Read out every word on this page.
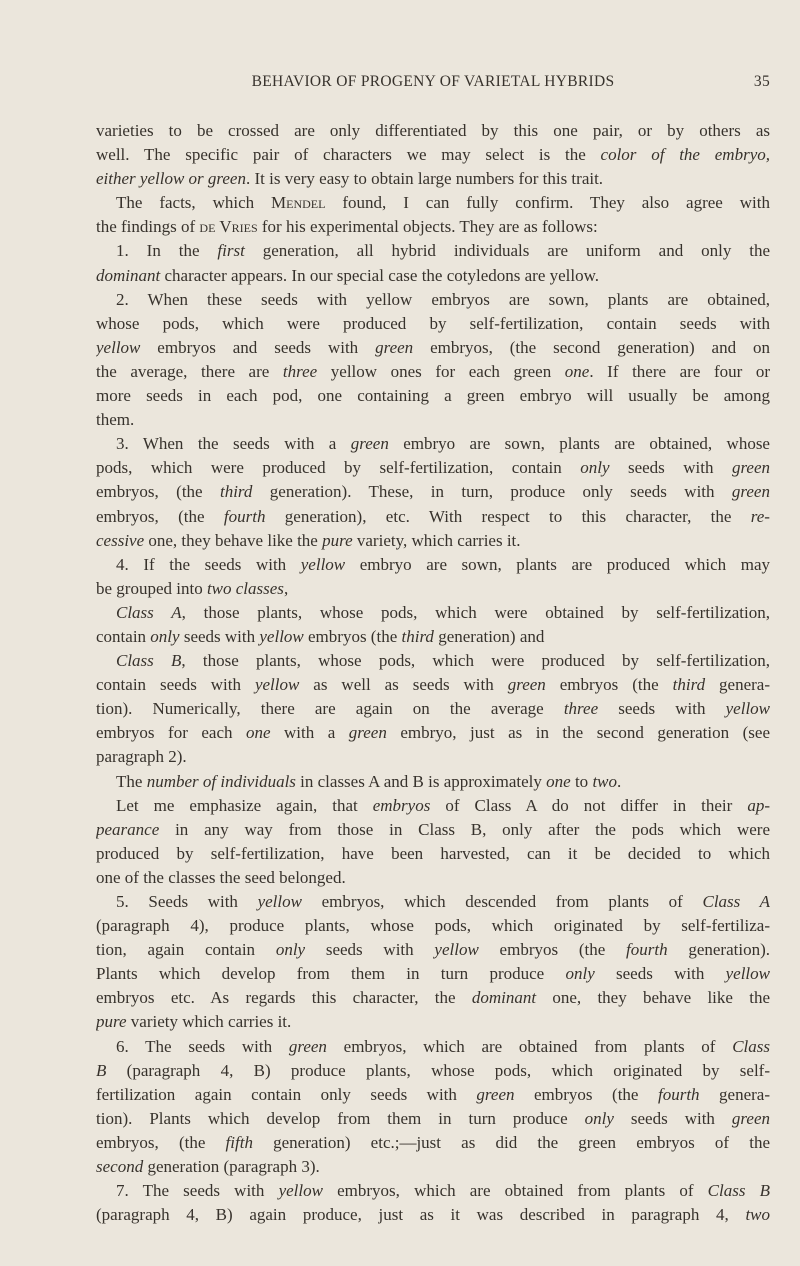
BEHAVIOR OF PROGENY OF VARIETAL HYBRIDS	35
varieties to be crossed are only differentiated by this one pair, or by others as
well. The specific pair of characters we may select is the color of the embryo,
either yellow or green. It is very easy to obtain large numbers for this trait.
The facts, which Mendel found, I can fully confirm. They also agree with
the findings of de Vries for his experimental objects. They are as follows:
1. In the first generation, all hybrid individuals are uniform and only the
dominant character appears. In our special case the cotyledons are yellow.
2. When these seeds with yellow embryos are sown, plants are obtained,
whose pods, which were produced by self-fertilization, contain seeds with
yellow embryos and seeds with green embryos, (the second generation) and on
the average, there are three yellow ones for each green one. If there are four or
more seeds in each pod, one containing a green embryo will usually be among
them.
3. When the seeds with a green embryo are sown, plants are obtained, whose
pods, which were produced by self-fertilization, contain only seeds with green
embryos, (the third generation). These, in turn, produce only seeds with green
embryos, (the fourth generation), etc. With respect to this character, the re-
cessive one, they behave like the pure variety, which carries it.
4. If the seeds with yellow embryo are sown, plants are produced which may
be grouped into two classes,
Class A, those plants, whose pods, which were obtained by self-fertilization,
contain only seeds with yellow embryos (the third generation) and
Class B, those plants, whose pods, which were produced by self-fertilization,
contain seeds with yellow as well as seeds with green embryos (the third genera-
tion). Numerically, there are again on the average three seeds with yellow
embryos for each one with a green embryo, just as in the second generation (see
paragraph 2).
The number of individuals in classes A and B is approximately one to two.
Let me emphasize again, that embryos of Class A do not differ in their ap-
pearance in any way from those in Class B, only after the pods which were
produced by self-fertilization, have been harvested, can it be decided to which
one of the classes the seed belonged.
5. Seeds with yellow embryos, which descended from plants of Class A
(paragraph 4), produce plants, whose pods, which originated by self-fertiliza-
tion, again contain only seeds with yellow embryos (the fourth generation).
Plants which develop from them in turn produce only seeds with yellow
embryos etc. As regards this character, the dominant one, they behave like the
pure variety which carries it.
6. The seeds with green embryos, which are obtained from plants of Class
B (paragraph 4, B) produce plants, whose pods, which originated by self-
fertilization again contain only seeds with green embryos (the fourth genera-
tion). Plants which develop from them in turn produce only seeds with green
embryos, (the fifth generation) etc.;—just as did the green embryos of the
second generation (paragraph 3).
7. The seeds with yellow embryos, which are obtained from plants of Class B
(paragraph 4, B) again produce, just as it was described in paragraph 4, two
